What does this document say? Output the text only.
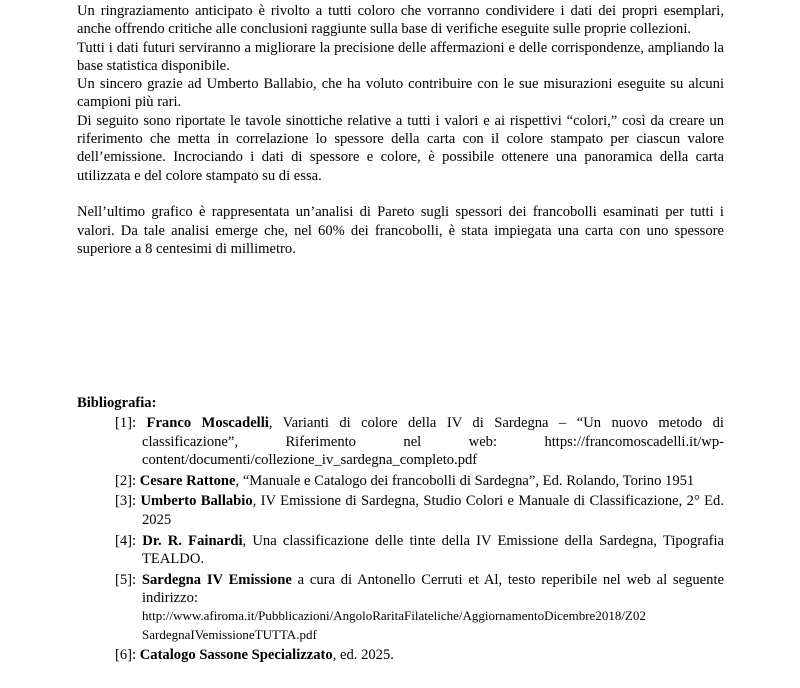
Un ringraziamento anticipato è rivolto a tutti coloro che vorranno condividere i dati dei propri esemplari, anche offrendo critiche alle conclusioni raggiunte sulla base di verifiche eseguite sulle proprie collezioni.

Tutti i dati futuri serviranno a migliorare la precisione delle affermazioni e delle corrispondenze, ampliando la base statistica disponibile.

Un sincero grazie ad Umberto Ballabio, che ha voluto contribuire con le sue misurazioni eseguite su alcuni campioni più rari.

Di seguito sono riportate le tavole sinottiche relative a tutti i valori e ai rispettivi “colori,” così da creare un riferimento che metta in correlazione lo spessore della carta con il colore stampato per ciascun valore dell’emissione. Incrociando i dati di spessore e colore, è possibile ottenere una panoramica della carta utilizzata e del colore stampato su di essa.

Nell’ultimo grafico è rappresentata un’analisi di Pareto sugli spessori dei francobolli esaminati per tutti i valori. Da tale analisi emerge che, nel 60% dei francobolli, è stata impiegata una carta con uno spessore superiore a 8 centesimi di millimetro.

Bibliografia:

[1]: Franco Moscadelli, Varianti di colore della IV di Sardegna – “Un nuovo metodo di classificazione”, Riferimento nel web: https://francomoscadelli.it/wp-content/documenti/collezione_iv_sardegna_completo.pdf
[2]: Cesare Rattone, “Manuale e Catalogo dei francobolli di Sardegna”, Ed. Rolando, Torino 1951
[3]: Umberto Ballabio, IV Emissione di Sardegna, Studio Colori e Manuale di Classificazione, 2° Ed. 2025
[4]: Dr. R. Fainardi, Una classificazione delle tinte della IV Emissione della Sardegna, Tipografia TEALDO.
[5]: Sardegna IV Emissione a cura di Antonello Cerruti et Al, testo reperibile nel web al seguente indirizzo:
http://www.afiroma.it/Pubblicazioni/AngoloRaritaFilateliche/AggiornamentoDicembre2018/Z02 SardegnaIVemissioneTUTTA.pdf
[6]: Catalogo Sassone Specializzato, ed. 2025.
